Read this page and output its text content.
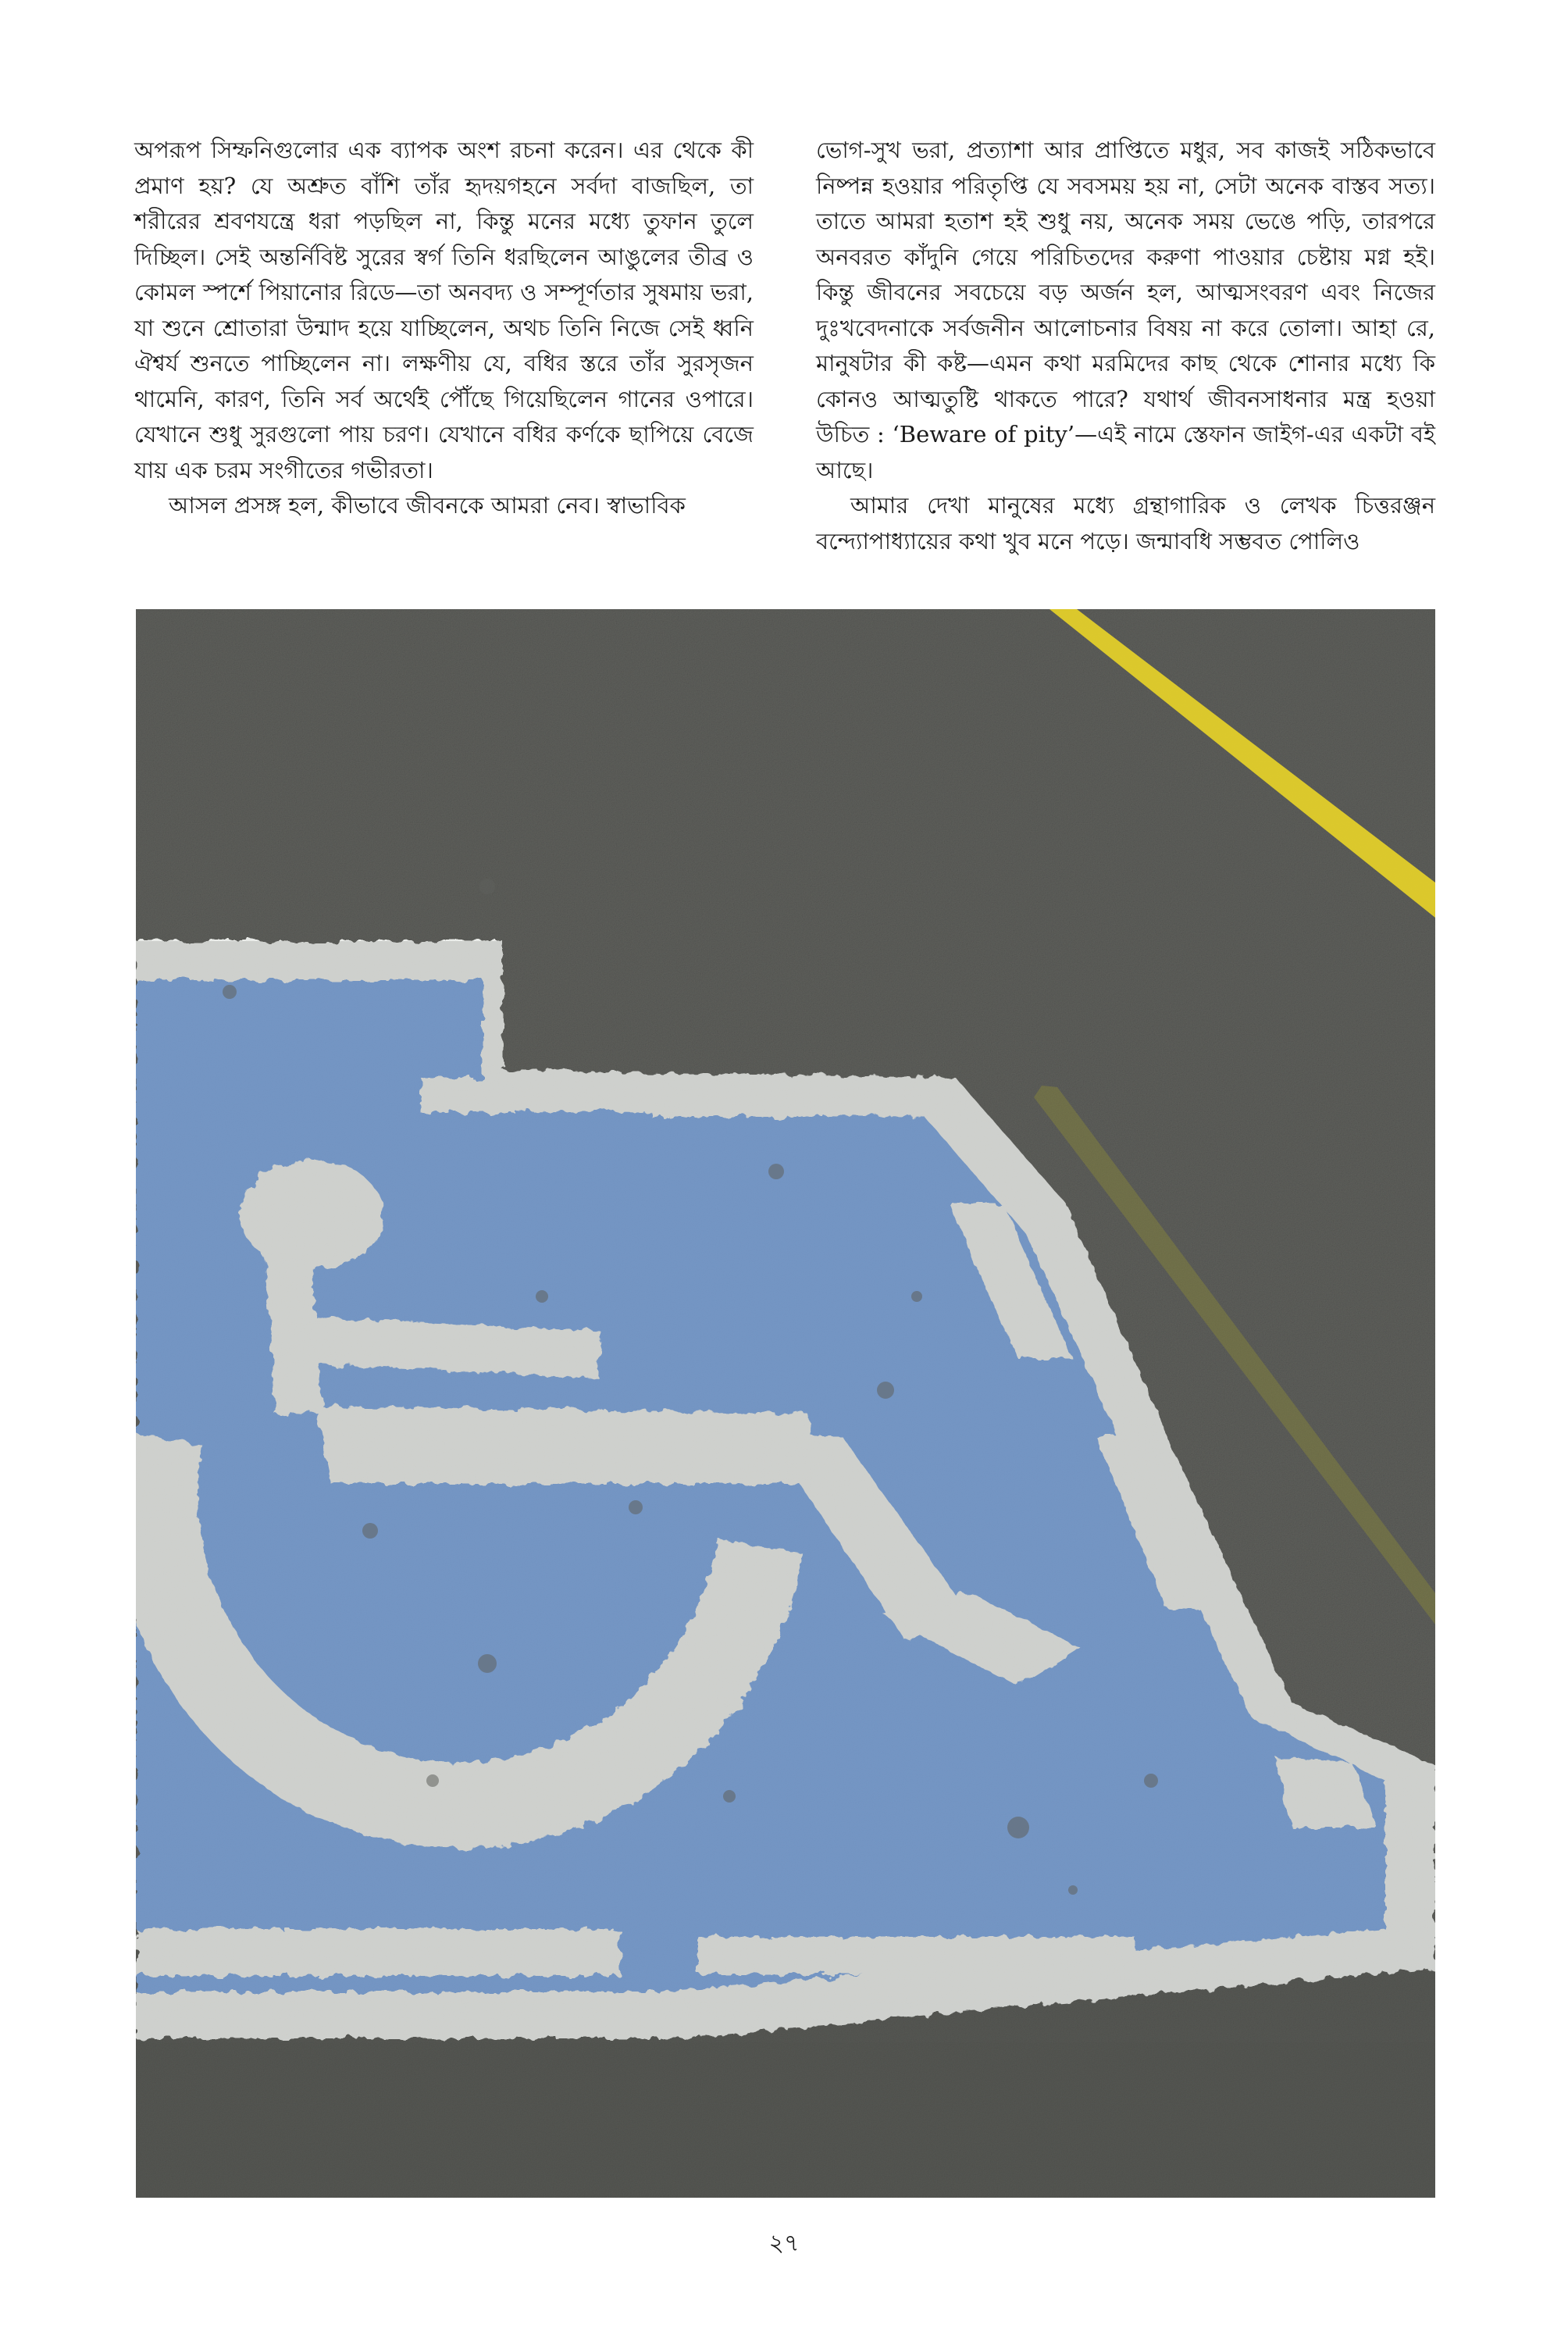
অপরূপ সিম্ফনিগুলোর এক ব্যাপক অংশ রচনা করেন। এর থেকে কী প্রমাণ হয়? যে অশ্রুত বাঁশি তাঁর হৃদয়গহনে সর্বদা বাজছিল, তা শরীরের শ্রবণযন্ত্রে ধরা পড়ছিল না, কিন্তু মনের মধ্যে তুফান তুলে দিচ্ছিল। সেই অন্তর্নিবিষ্ট সুরের স্বর্গ তিনি ধরছিলেন আঙুলের তীব্র ও কোমল স্পর্শে পিয়ানোর রিডে—তা অনবদ্য ও সম্পূর্ণতার সুষমায় ভরা, যা শুনে শ্রোতারা উন্মাদ হয়ে যাচ্ছিলেন, অথচ তিনি নিজে সেই ধ্বনি ঐশ্বর্য শুনতে পাচ্ছিলেন না। লক্ষণীয় যে, বধির স্তরে তাঁর সুরসৃজন থামেনি, কারণ, তিনি সর্ব অর্থেই পৌঁছে গিয়েছিলেন গানের ওপারে। যেখানে শুধু সুরগুলো পায় চরণ। যেখানে বধির কর্ণকে ছাপিয়ে বেজে যায় এক চরম সংগীতের গভীরতা।

আসল প্রসঙ্গ হল, কীভাবে জীবনকে আমরা নেব। স্বাভাবিক

ভোগ-সুখ ভরা, প্রত্যাশা আর প্রাপ্তিতে মধুর, সব কাজই সঠিকভাবে নিষ্পন্ন হওয়ার পরিতৃপ্তি যে সবসময় হয় না, সেটা অনেক বাস্তব সত্য। তাতে আমরা হতাশ হই শুধু নয়, অনেক সময় ভেঙে পড়ি, তারপরে অনবরত কাঁদুনি গেয়ে পরিচিতদের করুণা পাওয়ার চেষ্টায় মগ্ন হই। কিন্তু জীবনের সবচেয়ে বড় অর্জন হল, আত্মসংবরণ এবং নিজের দুঃখবেদনাকে সর্বজনীন আলোচনার বিষয় না করে তোলা। আহা রে, মানুষটার কী কষ্ট—এমন কথা মরমিদের কাছ থেকে শোনার মধ্যে কি কোনও আত্মতুষ্টি থাকতে পারে? যথার্থ জীবনসাধনার মন্ত্র হওয়া উচিত : ‘Beware of pity’—এই নামে স্তেফান জাইগ-এর একটা বই আছে।

আমার দেখা মানুষের মধ্যে গ্রন্থাগারিক ও লেখক চিত্তরঞ্জন বন্দ্যোপাধ্যায়ের কথা খুব মনে পড়ে। জন্মাবধি সম্ভবত পোলিও

২৭
